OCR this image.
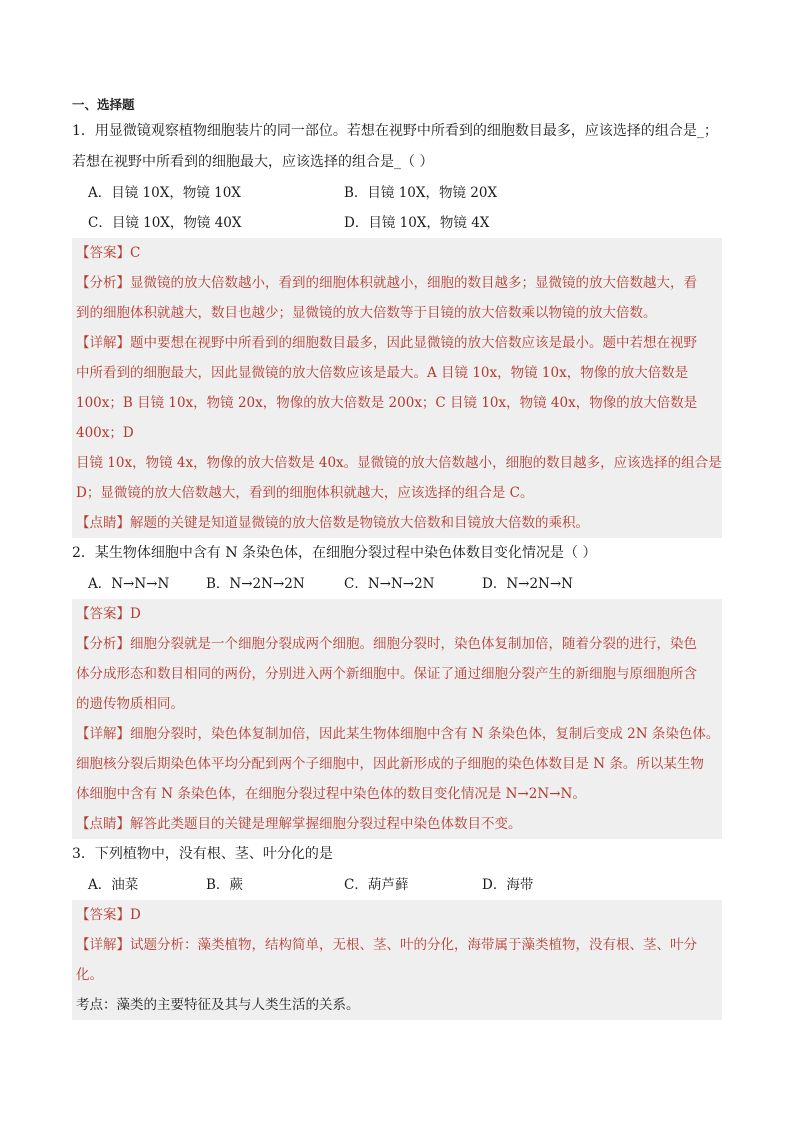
一、选择题
1．用显微镜观察植物细胞装片的同一部位。若想在视野中所看到的细胞数目最多，应该选择的组合是_；
若想在视野中所看到的细胞最大，应该选择的组合是_（ ）
A．目镜 10X，物镜 10X	B．目镜 10X，物镜 20X
C．目镜 10X，物镜 40X	D．目镜 10X，物镜 4X
【答案】C
【分析】显微镜的放大倍数越小，看到的细胞体积就越小，细胞的数目越多；显微镜的放大倍数越大，看
到的细胞体积就越大，数目也越少；显微镜的放大倍数等于目镜的放大倍数乘以物镜的放大倍数。
【详解】题中要想在视野中所看到的细胞数目最多，因此显微镜的放大倍数应该是最小。题中若想在视野
中所看到的细胞最大，因此显微镜的放大倍数应该是最大。A 目镜 10x，物镜 10x，物像的放大倍数是
100x；B 目镜 10x，物镜 20x，物像的放大倍数是 200x；C 目镜 10x，物镜 40x，物像的放大倍数是 400x；D
目镜 10x，物镜 4x，物像的放大倍数是 40x。显微镜的放大倍数越小，细胞的数目越多，应该选择的组合是
D；显微镜的放大倍数越大，看到的细胞体积就越大，应该选择的组合是 C。
【点睛】解题的关键是知道显微镜的放大倍数是物镜放大倍数和目镜放大倍数的乘积。
2．某生物体细胞中含有 N 条染色体，在细胞分裂过程中染色体数目变化情况是（ ）
A．N→N→N	B．N→2N→2N	C．N→N→2N	D．N→2N→N
【答案】D
【分析】细胞分裂就是一个细胞分裂成两个细胞。细胞分裂时，染色体复制加倍，随着分裂的进行，染色
体分成形态和数目相同的两份，分别进入两个新细胞中。保证了通过细胞分裂产生的新细胞与原细胞所含
的遗传物质相同。
【详解】细胞分裂时，染色体复制加倍，因此某生物体细胞中含有 N 条染色体，复制后变成 2N 条染色体。
细胞核分裂后期染色体平均分配到两个子细胞中，因此新形成的子细胞的染色体数目是 N 条。所以某生物
体细胞中含有 N 条染色体，在细胞分裂过程中染色体的数目变化情况是 N→2N→N。
【点睛】解答此类题目的关键是理解掌握细胞分裂过程中染色体数目不变。
3．下列植物中，没有根、茎、叶分化的是
A．油菜	B．蕨	C．葫芦藓	D．海带
【答案】D
【详解】试题分析：藻类植物，结构简单，无根、茎、叶的分化，海带属于藻类植物，没有根、茎、叶分
化。
考点：藻类的主要特征及其与人类生活的关系。
